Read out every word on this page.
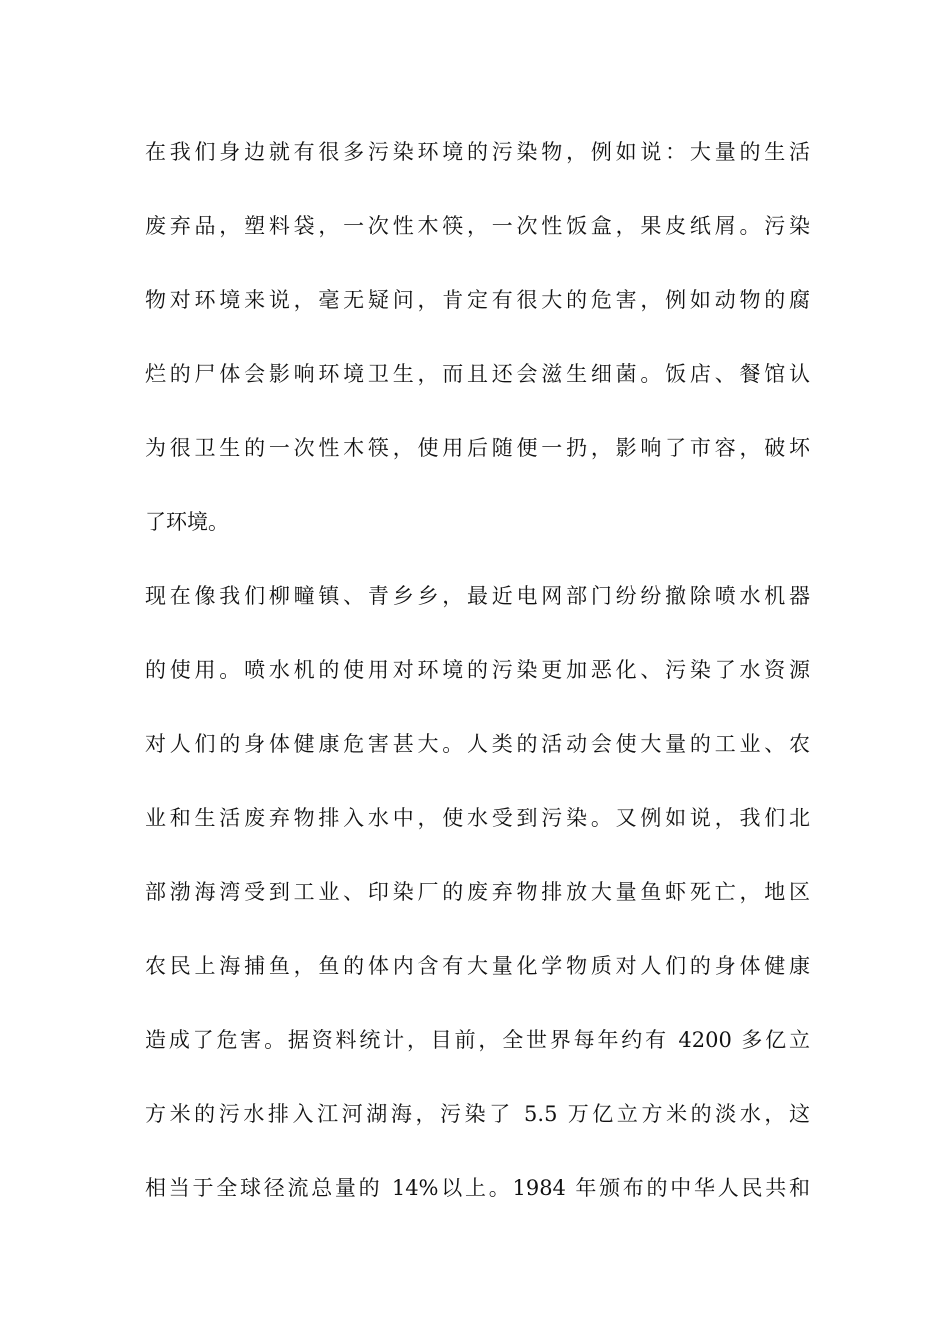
在我们身边就有很多污染环境的污染物，例如说：大量的生活
废弃品，塑料袋，一次性木筷，一次性饭盒，果皮纸屑。污染
物对环境来说，毫无疑问，肯定有很大的危害，例如动物的腐
烂的尸体会影响环境卫生，而且还会滋生细菌。饭店、餐馆认
为很卫生的一次性木筷，使用后随便一扔，影响了市容，破坏
了环境。
现在像我们柳疃镇、青乡乡，最近电网部门纷纷撤除喷水机器
的使用。喷水机的使用对环境的污染更加恶化、污染了水资源
对人们的身体健康危害甚大。人类的活动会使大量的工业、农
业和生活废弃物排入水中，使水受到污染。又例如说，我们北
部渤海湾受到工业、印染厂的废弃物排放大量鱼虾死亡，地区
农民上海捕鱼，鱼的体内含有大量化学物质对人们的身体健康
造成了危害。据资料统计，目前，全世界每年约有 4200 多亿立
方米的污水排入江河湖海，污染了 5.5 万亿立方米的淡水，这
相当于全球径流总量的 14%以上。1984 年颁布的中华人民共和
